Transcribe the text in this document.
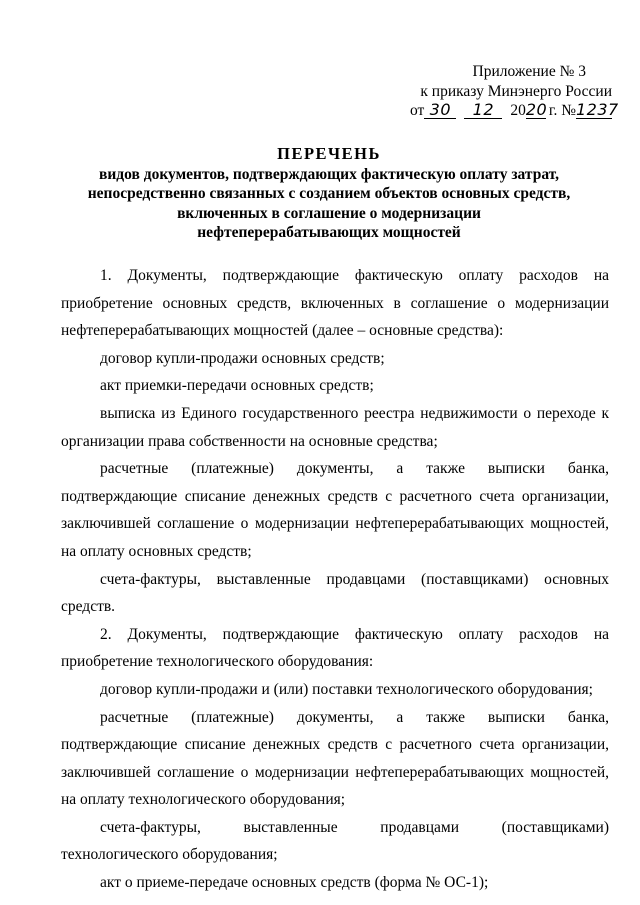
Приложение № 3
к приказу Минэнерго России
от 30 12 2020 г. №1237
ПЕРЕЧЕНЬ
видов документов, подтверждающих фактическую оплату затрат,
непосредственно связанных с созданием объектов основных средств,
включенных в соглашение о модернизации
нефтеперерабатывающих мощностей

1. Документы, подтверждающие фактическую оплату расходов на приобретение основных средств, включенных в соглашение о модернизации нефтеперерабатывающих мощностей (далее – основные средства):

договор купли-продажи основных средств;

акт приемки-передачи основных средств;

выписка из Единого государственного реестра недвижимости о переходе к организации права собственности на основные средства;

расчетные (платежные) документы, а также выписки банка, подтверждающие списание денежных средств с расчетного счета организации, заключившей соглашение о модернизации нефтеперерабатывающих мощностей, на оплату основных средств;

счета-фактуры, выставленные продавцами (поставщиками) основных средств.

2. Документы, подтверждающие фактическую оплату расходов на приобретение технологического оборудования:

договор купли-продажи и (или) поставки технологического оборудования;

расчетные (платежные) документы, а также выписки банка, подтверждающие списание денежных средств с расчетного счета организации, заключившей соглашение о модернизации нефтеперерабатывающих мощностей, на оплату технологического оборудования;

счета-фактуры, выставленные продавцами (поставщиками) технологического оборудования;

акт о приеме-передаче основных средств (форма № ОС-1);
